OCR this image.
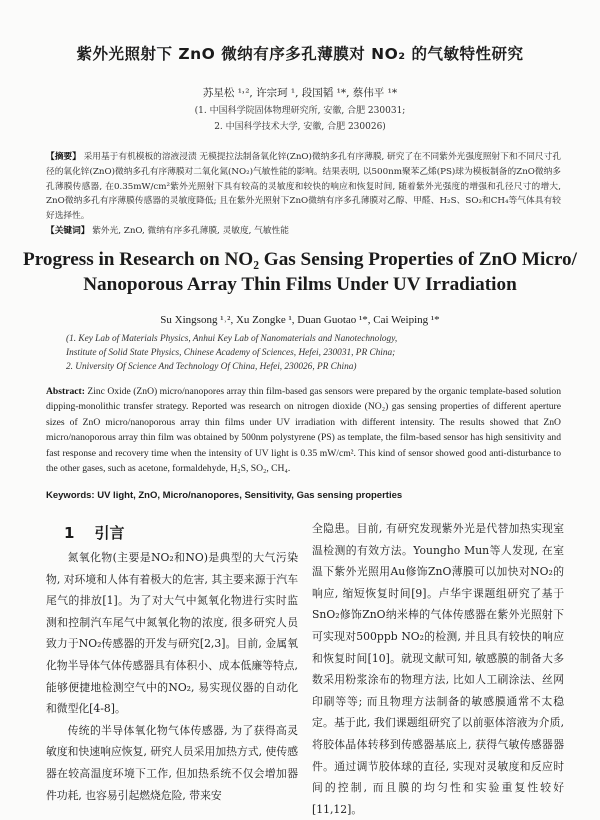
紫外光照射下 ZnO 微纳有序多孔薄膜对 NO₂ 的气敏特性研究
苏星松 ¹˒², 许宗珂 ¹, 段国韬 ¹*, 蔡伟平 ¹*
(1. 中国科学院固体物理研究所, 安徽, 合肥 230031;
2. 中国科学技术大学, 安徽, 合肥 230026)
【摘要】 采用基于有机模板的溶液浸渍 无模提拉法制备氧化锌(ZnO)微纳多孔有序薄膜, 研究了在不同紫外光强度照射下和不同尺寸孔径的氧化锌(ZnO)微纳多孔有序薄膜对二氧化氮(NO₂)气敏性能的影响。结果表明, 以500nm聚苯乙烯(PS)球为模板制备的ZnO微纳多孔薄膜传感器, 在0.35mW/cm²紫外光照射下具有较高的灵敏度和较快的响应和恢复时间, 随着紫外光强度的增强和孔径尺寸的增大, ZnO微纳多孔有序薄膜传感器的灵敏度降低; 且在紫外光照射下ZnO微纳有序多孔薄膜对乙醇、甲醛、H₂S、SO₂和CH₄等气体具有较好选择性。
【关键词】 紫外光, ZnO, 微纳有序多孔薄膜, 灵敏度, 气敏性能
Progress in Research on NO₂ Gas Sensing Properties of ZnO Micro/
Nanoporous Array Thin Films Under UV Irradiation
Su Xingsong ¹˒², Xu Zongke ¹, Duan Guotao ¹*, Cai Weiping ¹*
(1. Key Lab of Materials Physics, Anhui Key Lab of Nanomaterials and Nanotechnology,
Institute of Solid State Physics, Chinese Academy of Sciences, Hefei, 230031, PR China;
2. University Of Science And Technology Of China, Hefei, 230026, PR China)
Abstract: Zinc Oxide (ZnO) micro/nanopores array thin film-based gas sensors were prepared by the organic template-based solution dipping-monolithic transfer strategy. Reported was research on nitrogen dioxide (NO₂) gas sensing properties of different aperture sizes of ZnO micro/nanoporous array thin films under UV irradiation with different intensity. The results showed that ZnO micro/nanoporous array thin film was obtained by 500nm polystyrene (PS) as template, the film-based sensor has high sensitivity and fast response and recovery time when the intensity of UV light is 0.35 mW/cm². This kind of sensor showed good anti-disturbance to the other gases, such as acetone, formaldehyde, H₂S, SO₂, CH₄.
Keywords: UV light, ZnO, Micro/nanopores, Sensitivity, Gas sensing properties
1 引言

氮氧化物(主要是NO₂和NO)是典型的大气污染物, 对环境和人体有着极大的危害, 其主要来源于汽车尾气的排放[1]。为了对大气中氮氧化物进行实时监测和控制汽车尾气中氮氧化物的浓度, 很多研究人员致力于NO₂传感器的开发与研究[2,3]。目前, 金属氧化物半导体气体传感器具有体积小、成本低廉等特点, 能够便捷地检测空气中的NO₂, 易实现仪器的自动化和微型化[4-8]。

传统的半导体氧化物气体传感器, 为了获得高灵敏度和快速响应恢复, 研究人员采用加热方式, 使传感器在较高温度环境下工作, 但加热系统不仅会增加器件功耗, 也容易引起燃烧危险, 带来安

全隐患。目前, 有研究发现紫外光是代替加热实现室温检测的有效方法。Youngho Mun等人发现, 在室温下紫外光照用Au修饰ZnO薄膜可以加快对NO₂的响应, 缩短恢复时间[9]。卢华宇课题组研究了基于SnO₂修饰ZnO纳米棒的气体传感器在紫外光照射下可实现对500ppb NO₂的检测, 并且具有较快的响应和恢复时间[10]。就现文献可知, 敏感膜的制备大多数采用粉浆涂布的物理方法, 比如人工刷涂法、丝网印刷等等; 而且物理方法制备的敏感膜通常不太稳定。基于此, 我们课题组研究了以前驱体溶液为介质, 将胶体晶体转移到传感器基底上, 获得气敏传感器器件。通过调节胶体球的直径, 实现对灵敏度和反应时间的控制, 而且膜的均匀性和实验重复性较好[11,12]。
